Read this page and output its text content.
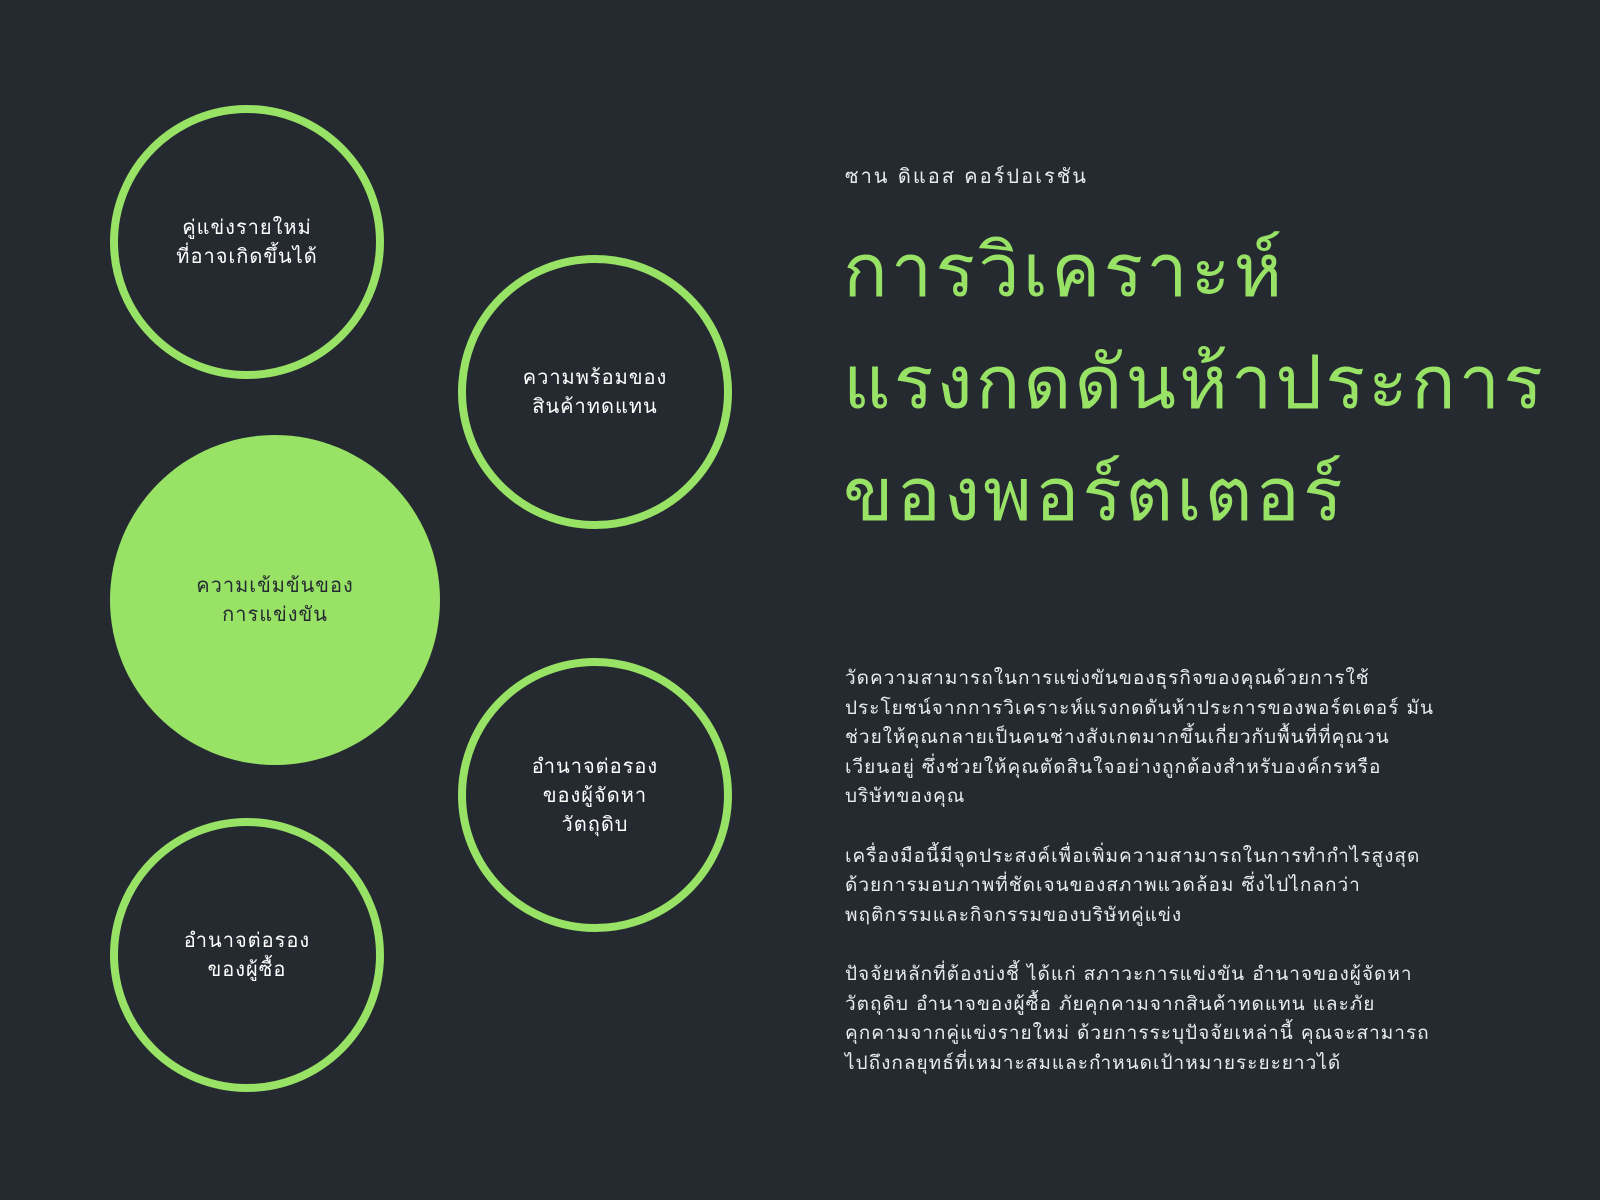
คู่แข่งรายใหม่
ที่อาจเกิดขึ้นได้
ความพร้อมของ
สินค้าทดแทน
ความเข้มข้นของ
การแข่งขัน
อำนาจต่อรอง
ของผู้จัดหา
วัตถุดิบ
อำนาจต่อรอง
ของผู้ซื้อ
ซาน ดิแอส คอร์ปอเรชัน
การวิเคราะห์
แรงกดดันห้าประการ
ของพอร์ตเตอร์

วัดความสามารถในการแข่งขันของธุรกิจของคุณด้วยการใช้
ประโยชน์จากการวิเคราะห์แรงกดดันห้าประการของพอร์ตเตอร์ มัน
ช่วยให้คุณกลายเป็นคนช่างสังเกตมากขึ้นเกี่ยวกับพื้นที่ที่คุณวน
เวียนอยู่ ซึ่งช่วยให้คุณตัดสินใจอย่างถูกต้องสำหรับองค์กรหรือ
บริษัทของคุณ

เครื่องมือนี้มีจุดประสงค์เพื่อเพิ่มความสามารถในการทำกำไรสูงสุด
ด้วยการมอบภาพที่ชัดเจนของสภาพแวดล้อม ซึ่งไปไกลกว่า
พฤติกรรมและกิจกรรมของบริษัทคู่แข่ง

ปัจจัยหลักที่ต้องบ่งชี้ ได้แก่ สภาวะการแข่งขัน อำนาจของผู้จัดหา
วัตถุดิบ อำนาจของผู้ซื้อ ภัยคุกคามจากสินค้าทดแทน และภัย
คุกคามจากคู่แข่งรายใหม่ ด้วยการระบุปัจจัยเหล่านี้ คุณจะสามารถ
ไปถึงกลยุทธ์ที่เหมาะสมและกำหนดเป้าหมายระยะยาวได้
